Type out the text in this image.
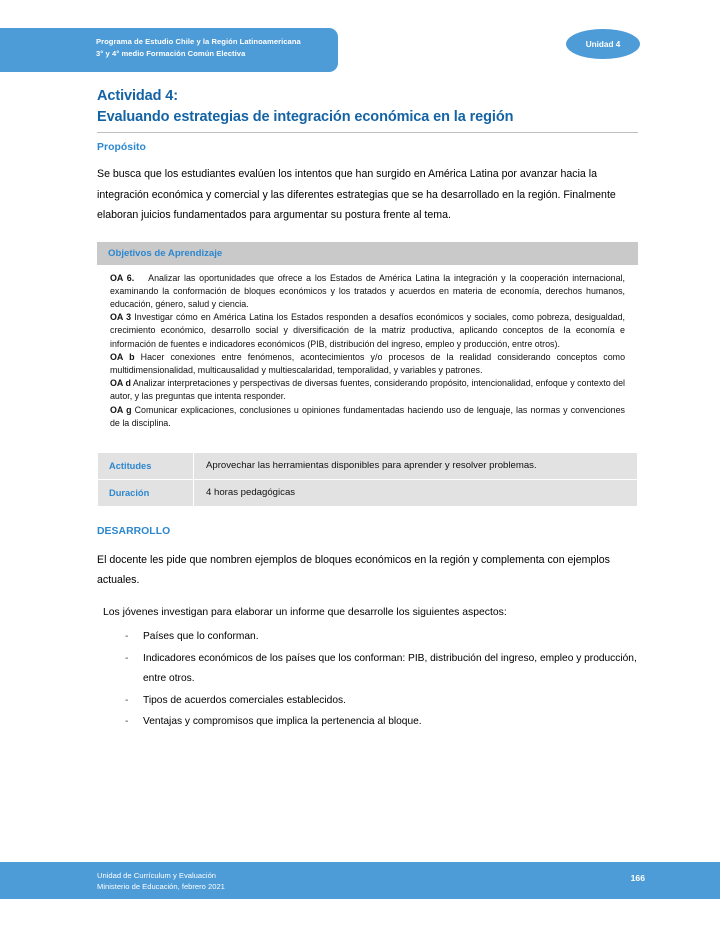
Programa de Estudio Chile y la Región Latinoamericana
3° y 4° medio Formación Común Electiva
Unidad 4
Actividad 4:
Evaluando estrategias de integración económica en la región
Propósito

Se busca que los estudiantes evalúen los intentos que han surgido en América Latina por avanzar hacia la integración económica y comercial y las diferentes estrategias que se ha desarrollado en la región. Finalmente elaboran juicios fundamentados para argumentar su postura frente al tema.

Objetivos de Aprendizaje

OA 6. Analizar las oportunidades que ofrece a los Estados de América Latina la integración y la cooperación internacional, examinando la conformación de bloques económicos y los tratados y acuerdos en materia de economía, derechos humanos, educación, género, salud y ciencia.
OA 3 Investigar cómo en América Latina los Estados responden a desafíos económicos y sociales, como pobreza, desigualdad, crecimiento económico, desarrollo social y diversificación de la matriz productiva, aplicando conceptos de la economía e información de fuentes e indicadores económicos (PIB, distribución del ingreso, empleo y producción, entre otros).
OA b Hacer conexiones entre fenómenos, acontecimientos y/o procesos de la realidad considerando conceptos como multidimensionalidad, multicausalidad y multiescalaridad, temporalidad, y variables y patrones.
OA d Analizar interpretaciones y perspectivas de diversas fuentes, considerando propósito, intencionalidad, enfoque y contexto del autor, y las preguntas que intenta responder.
OA g Comunicar explicaciones, conclusiones u opiniones fundamentadas haciendo uso de lenguaje, las normas y convenciones de la disciplina.

Actitudes	Aprovechar las herramientas disponibles para aprender y resolver problemas.
Duración	4 horas pedagógicas
DESARROLLO

El docente les pide que nombren ejemplos de bloques económicos en la región y complementa con ejemplos actuales.

Los jóvenes investigan para elaborar un informe que desarrolle los siguientes aspectos:

- Países que lo conforman.
- Indicadores económicos de los países que los conforman: PIB, distribución del ingreso, empleo y producción, entre otros.
- Tipos de acuerdos comerciales establecidos.
- Ventajas y compromisos que implica la pertenencia al bloque.
Unidad de Currículum y Evaluación
Ministerio de Educación, febrero 2021
166
